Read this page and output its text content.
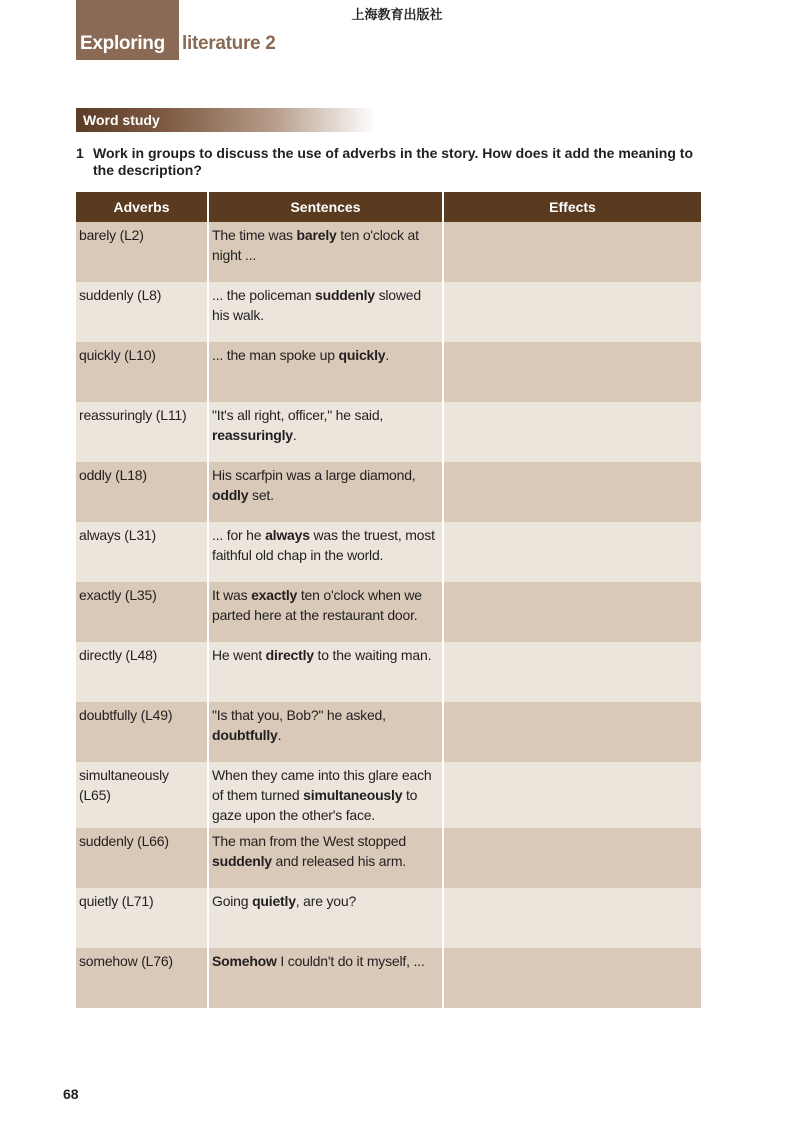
上海教育出版社
Exploring literature 2
Word study
1 Work in groups to discuss the use of adverbs in the story. How does it add the meaning to the description?
Adverbs	Sentences	Effects
barely (L2)	The time was barely ten o'clock at night ...	
suddenly (L8)	... the policeman suddenly slowed his walk.	
quickly (L10)	... the man spoke up quickly.	
reassuringly (L11)	"It's all right, officer," he said, reassuringly.	
oddly (L18)	His scarfpin was a large diamond, oddly set.	
always (L31)	... for he always was the truest, most faithful old chap in the world.	
exactly (L35)	It was exactly ten o'clock when we parted here at the restaurant door.	
directly (L48)	He went directly to the waiting man.	
doubtfully (L49)	"Is that you, Bob?" he asked, doubtfully.	
simultaneously (L65)	When they came into this glare each of them turned simultaneously to gaze upon the other's face.	
suddenly (L66)	The man from the West stopped suddenly and released his arm.	
quietly (L71)	Going quietly, are you?	
somehow (L76)	Somehow I couldn't do it myself, ...	
68
